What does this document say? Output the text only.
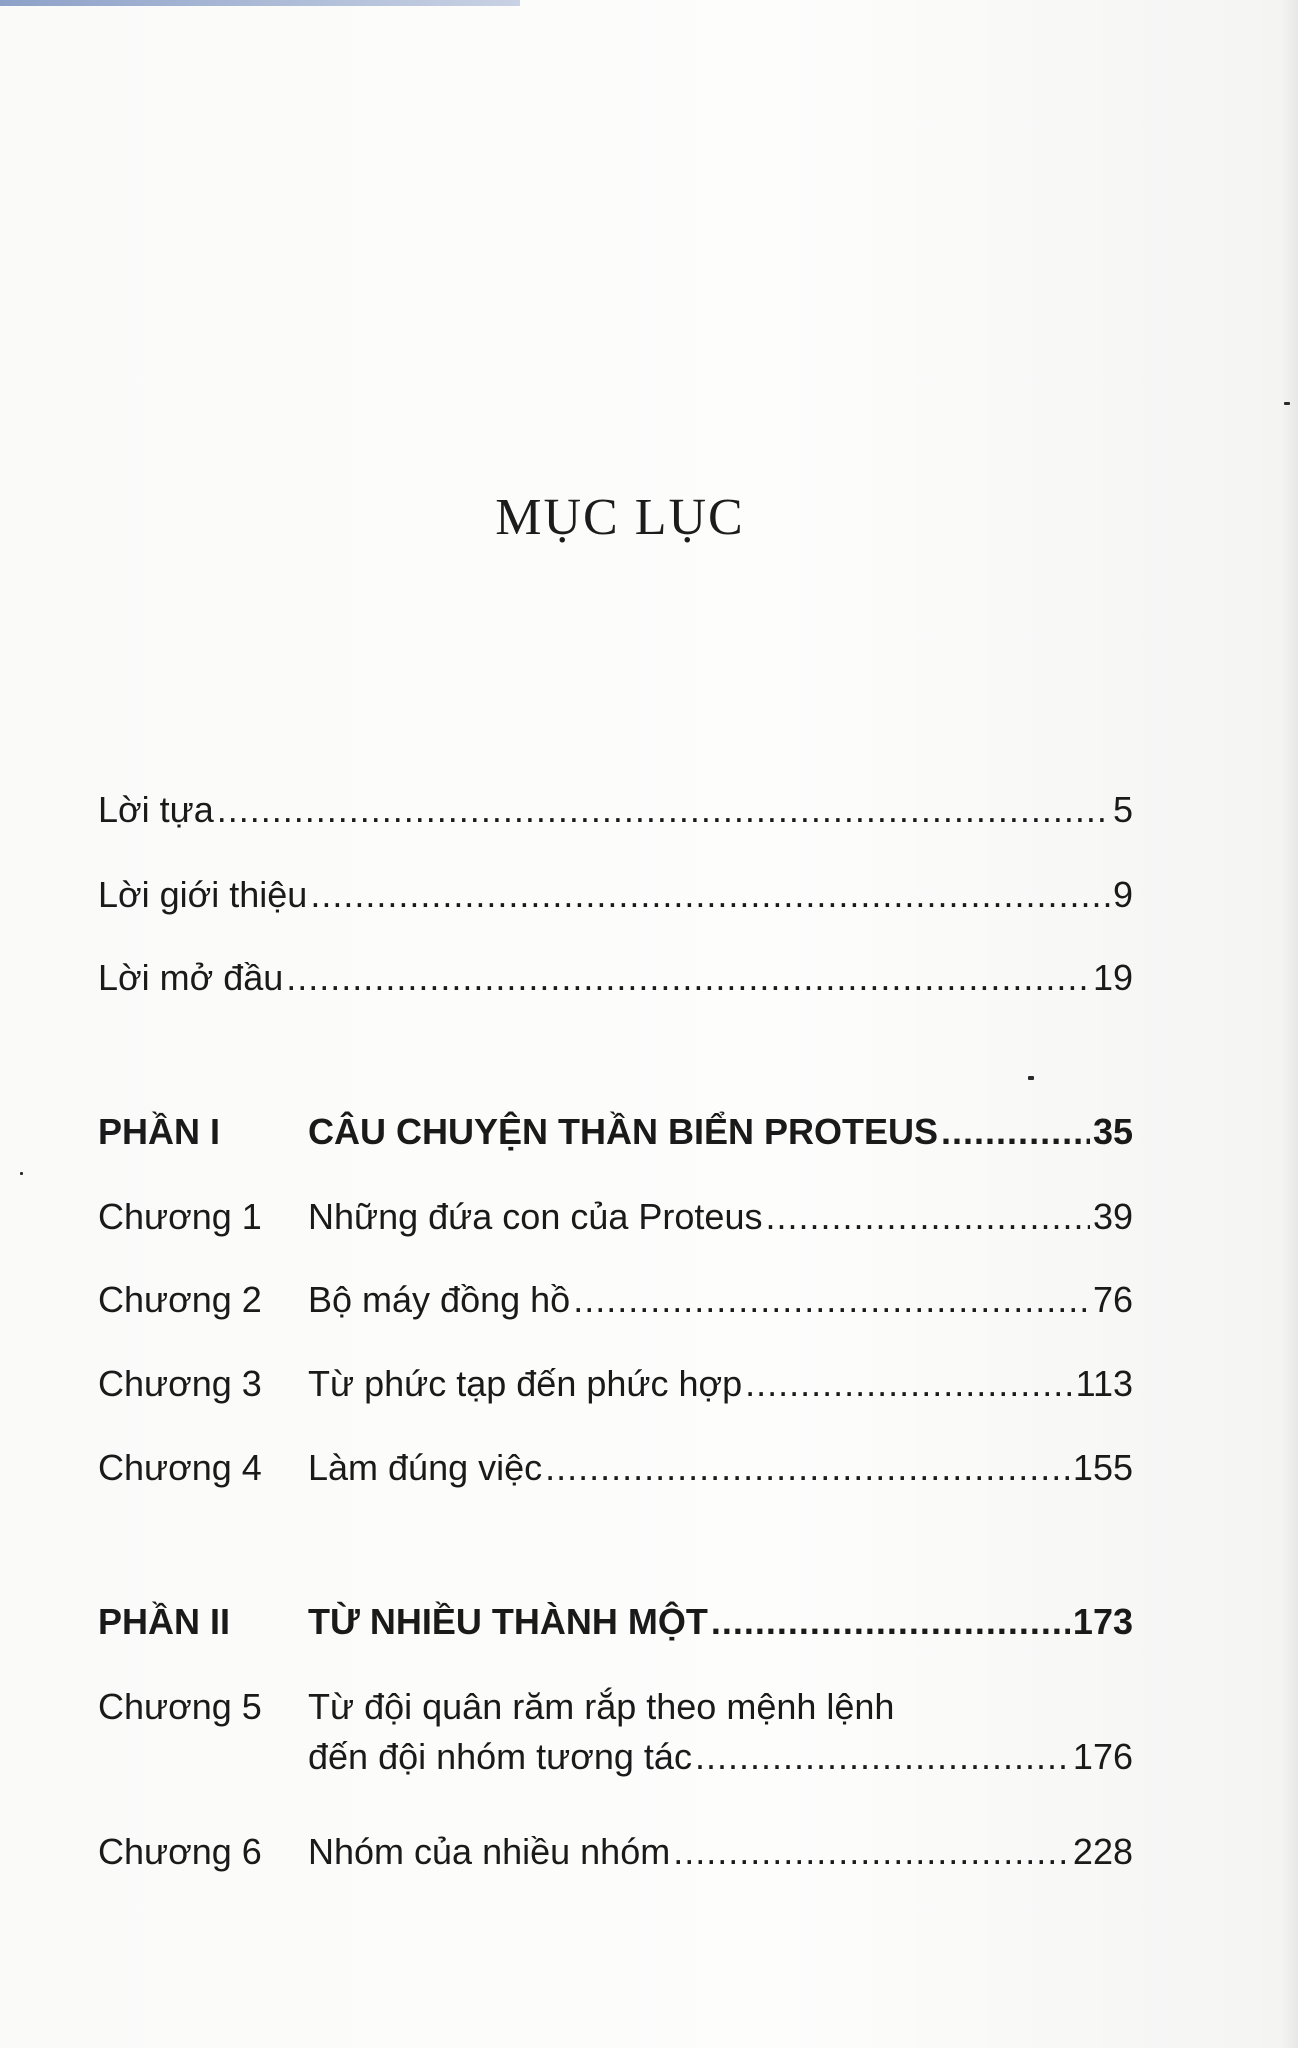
MỤC LỤC
Lời tựa .....	5
Lời giới thiệu .....	9
Lời mở đầu .....	19
PHẦN I	CÂU CHUYỆN THẦN BIỂN PROTEUS .....	35
Chương 1	Những đứa con của Proteus .....	39
Chương 2	Bộ máy đồng hồ .....	76
Chương 3	Từ phức tạp đến phức hợp .....	113
Chương 4	Làm đúng việc .....	155
PHẦN II	TỪ NHIỀU THÀNH MỘT .....	173
Chương 5	Từ đội quân răm rắp theo mệnh lệnh
đến đội nhóm tương tác .....	176
Chương 6	Nhóm của nhiều nhóm .....	228
